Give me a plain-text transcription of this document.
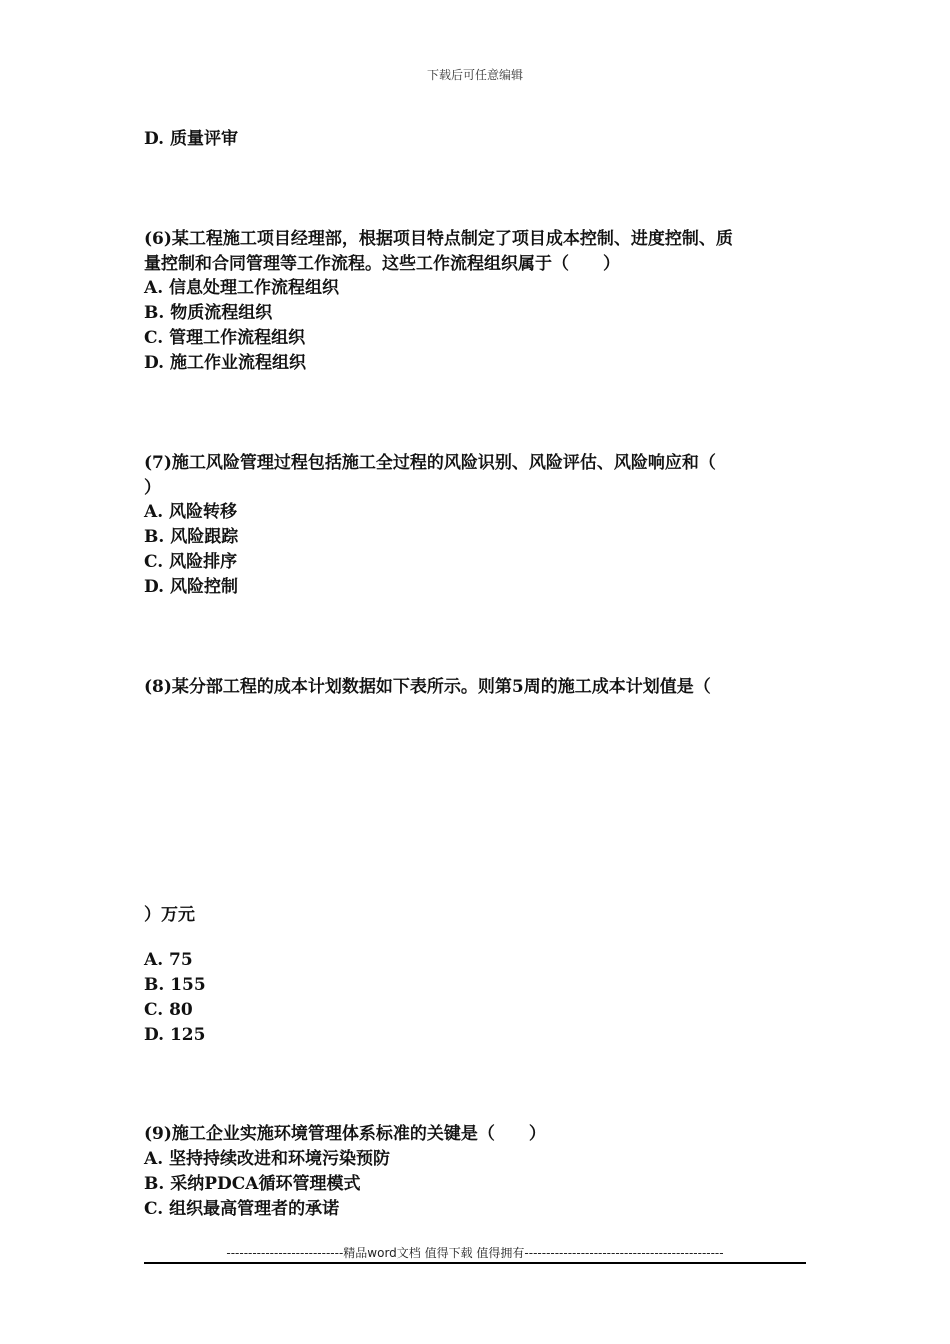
下载后可任意编辑
D. 质量评审
(6)某工程施工项目经理部，根据项目特点制定了项目成本控制、进度控制、质
量控制和合同管理等工作流程。这些工作流程组织属于（　　）
A. 信息处理工作流程组织
B. 物质流程组织
C. 管理工作流程组织
D. 施工作业流程组织
(7)施工风险管理过程包括施工全过程的风险识别、风险评估、风险响应和（
）
A. 风险转移
B. 风险跟踪
C. 风险排序
D. 风险控制
(8)某分部工程的成本计划数据如下表所示。则第5周的施工成本计划值是（
）万元
A. 75
B. 155
C. 80
D. 125
(9)施工企业实施环境管理体系标准的关键是（　　）
A. 坚持持续改进和环境污染预防
B. 采纳PDCA循环管理模式
C. 组织最高管理者的承诺
---------------------------精品word文档 值得下载 值得拥有----------------------------------------------
